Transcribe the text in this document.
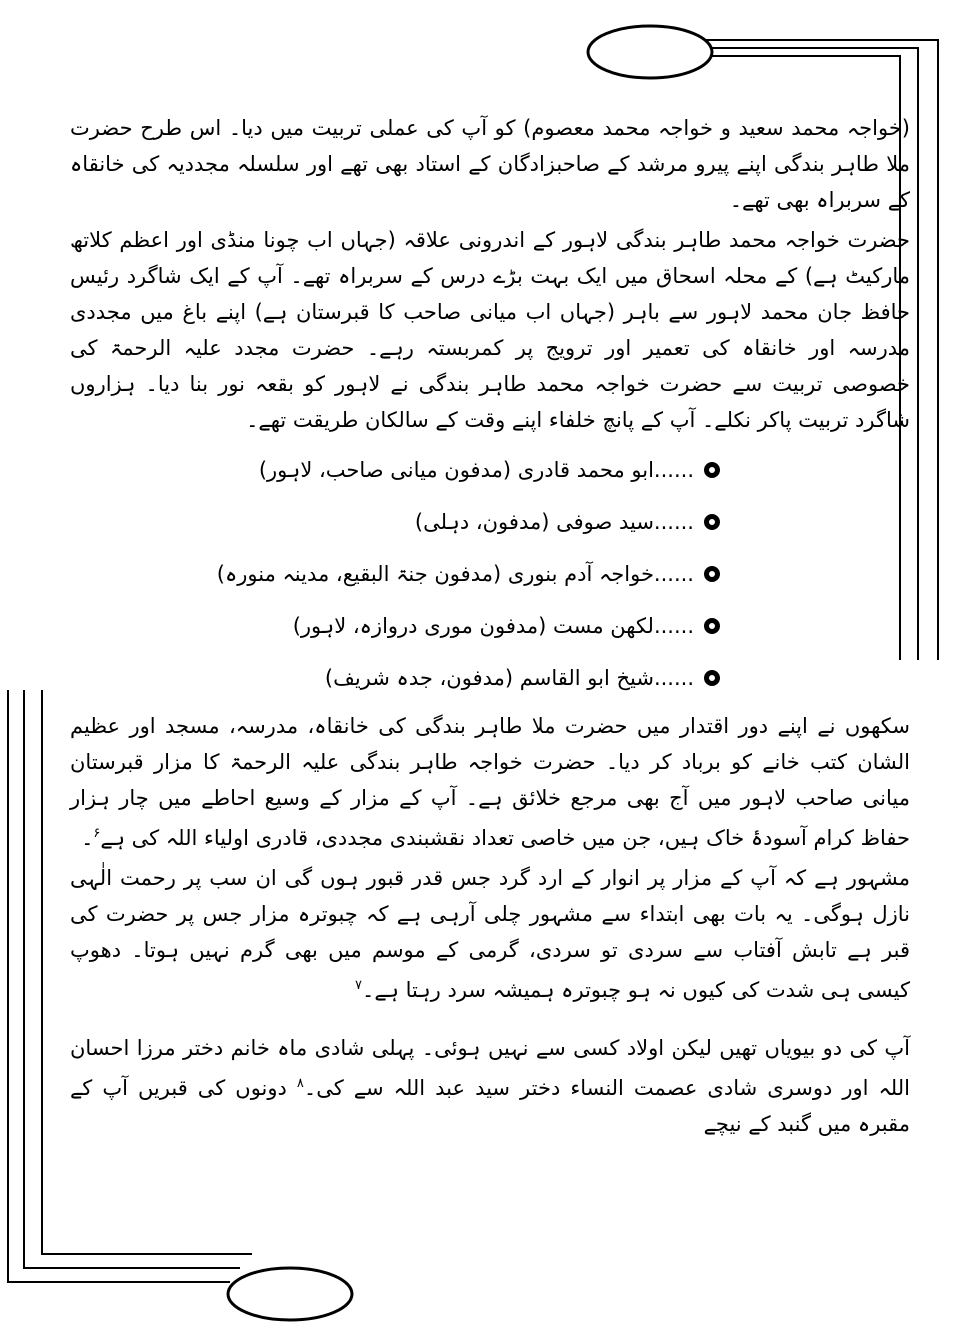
(خواجہ محمد سعید و خواجہ محمد معصوم) کو آپ کی عملی تربیت میں دیا۔ اس طرح حضرت ملا طاہر بندگی اپنے پیرو مرشد کے صاحبزادگان کے استاد بھی تھے اور سلسلہ مجددیہ کی خانقاہ کے سربراہ بھی تھے۔

حضرت خواجہ محمد طاہر بندگی لاہور کے اندرونی علاقہ (جہاں اب چونا منڈی اور اعظم کلاتھ مارکیٹ ہے) کے محلہ اسحاق میں ایک بہت بڑے درس کے سربراہ تھے۔ آپ کے ایک شاگرد رئیس حافظ جان محمد لاہور سے باہر (جہاں اب میانی صاحب کا قبرستان ہے) اپنے باغ میں مجددی مدرسہ اور خانقاہ کی تعمیر اور ترویج پر کمربستہ رہے۔ حضرت مجدد علیہ الرحمۃ کی خصوصی تربیت سے حضرت خواجہ محمد طاہر بندگی نے لاہور کو بقعہ نور بنا دیا۔ ہزاروں شاگرد تربیت پاکر نکلے۔ آپ کے پانچ خلفاء اپنے وقت کے سالکان طریقت تھے۔

......ابو محمد قادری (مدفون میانی صاحب، لاہور)
......سید صوفی (مدفون، دہلی)
......خواجہ آدم بنوری (مدفون جنۃ البقیع، مدینہ منورہ)
......لکھن مست (مدفون موری دروازہ، لاہور)
......شیخ ابو القاسم (مدفون، جدہ شریف)

سکھوں نے اپنے دور اقتدار میں حضرت ملا طاہر بندگی کی خانقاہ، مدرسہ، مسجد اور عظیم الشان کتب خانے کو برباد کر دیا۔ حضرت خواجہ طاہر بندگی علیہ الرحمۃ کا مزار قبرستان میانی صاحب لاہور میں آج بھی مرجع خلائق ہے۔ آپ کے مزار کے وسیع احاطے میں چار ہزار حفاظ کرام آسودۂ خاک ہیں، جن میں خاصی تعداد نقشبندی مجددی، قادری اولیاء اللہ کی ہے$^۶$۔

مشہور ہے کہ آپ کے مزار پر انوار کے ارد گرد جس قدر قبور ہوں گی ان سب پر رحمت الٰہی نازل ہوگی۔ یہ بات بھی ابتداء سے مشہور چلی آرہی ہے کہ چبوترہ مزار جس پر حضرت کی قبر ہے تابش آفتاب سے سردی تو سردی، گرمی کے موسم میں بھی گرم نہیں ہوتا۔ دھوپ کیسی ہی شدت کی کیوں نہ ہو چبوترہ ہمیشہ سرد رہتا ہے۔$^۷$

آپ کی دو بیویاں تھیں لیکن اولاد کسی سے نہیں ہوئی۔ پہلی شادی ماہ خانم دختر مرزا احسان اللہ اور دوسری شادی عصمت النساء دختر سید عبد اللہ سے کی۔$^۸$ دونوں کی قبریں آپ کے مقبرہ میں گنبد کے نیچے
